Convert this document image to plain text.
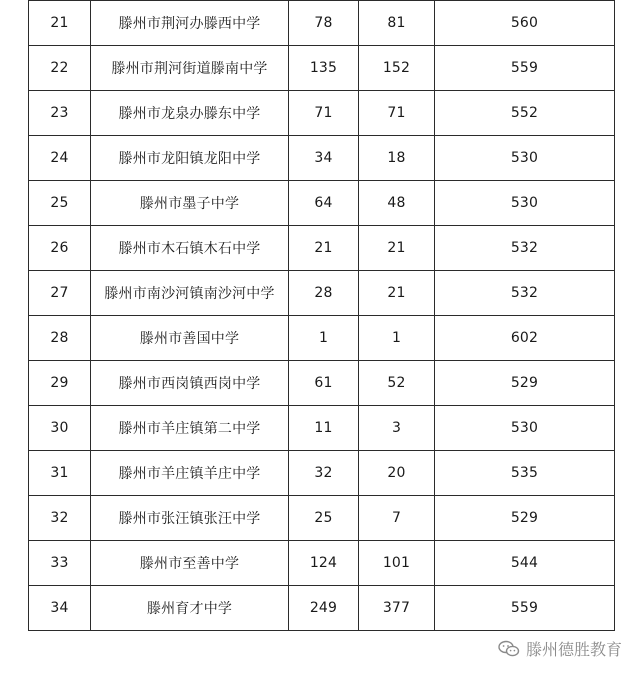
21	滕州市荆河办滕西中学	78	81	560
22	滕州市荆河街道滕南中学	135	152	559
23	滕州市龙泉办滕东中学	71	71	552
24	滕州市龙阳镇龙阳中学	34	18	530
25	滕州市墨子中学	64	48	530
26	滕州市木石镇木石中学	21	21	532
27	滕州市南沙河镇南沙河中学	28	21	532
28	滕州市善国中学	1	1	602
29	滕州市西岗镇西岗中学	61	52	529
30	滕州市羊庄镇第二中学	11	3	530
31	滕州市羊庄镇羊庄中学	32	20	535
32	滕州市张汪镇张汪中学	25	7	529
33	滕州市至善中学	124	101	544
34	滕州育才中学	249	377	559
滕州德胜教育
